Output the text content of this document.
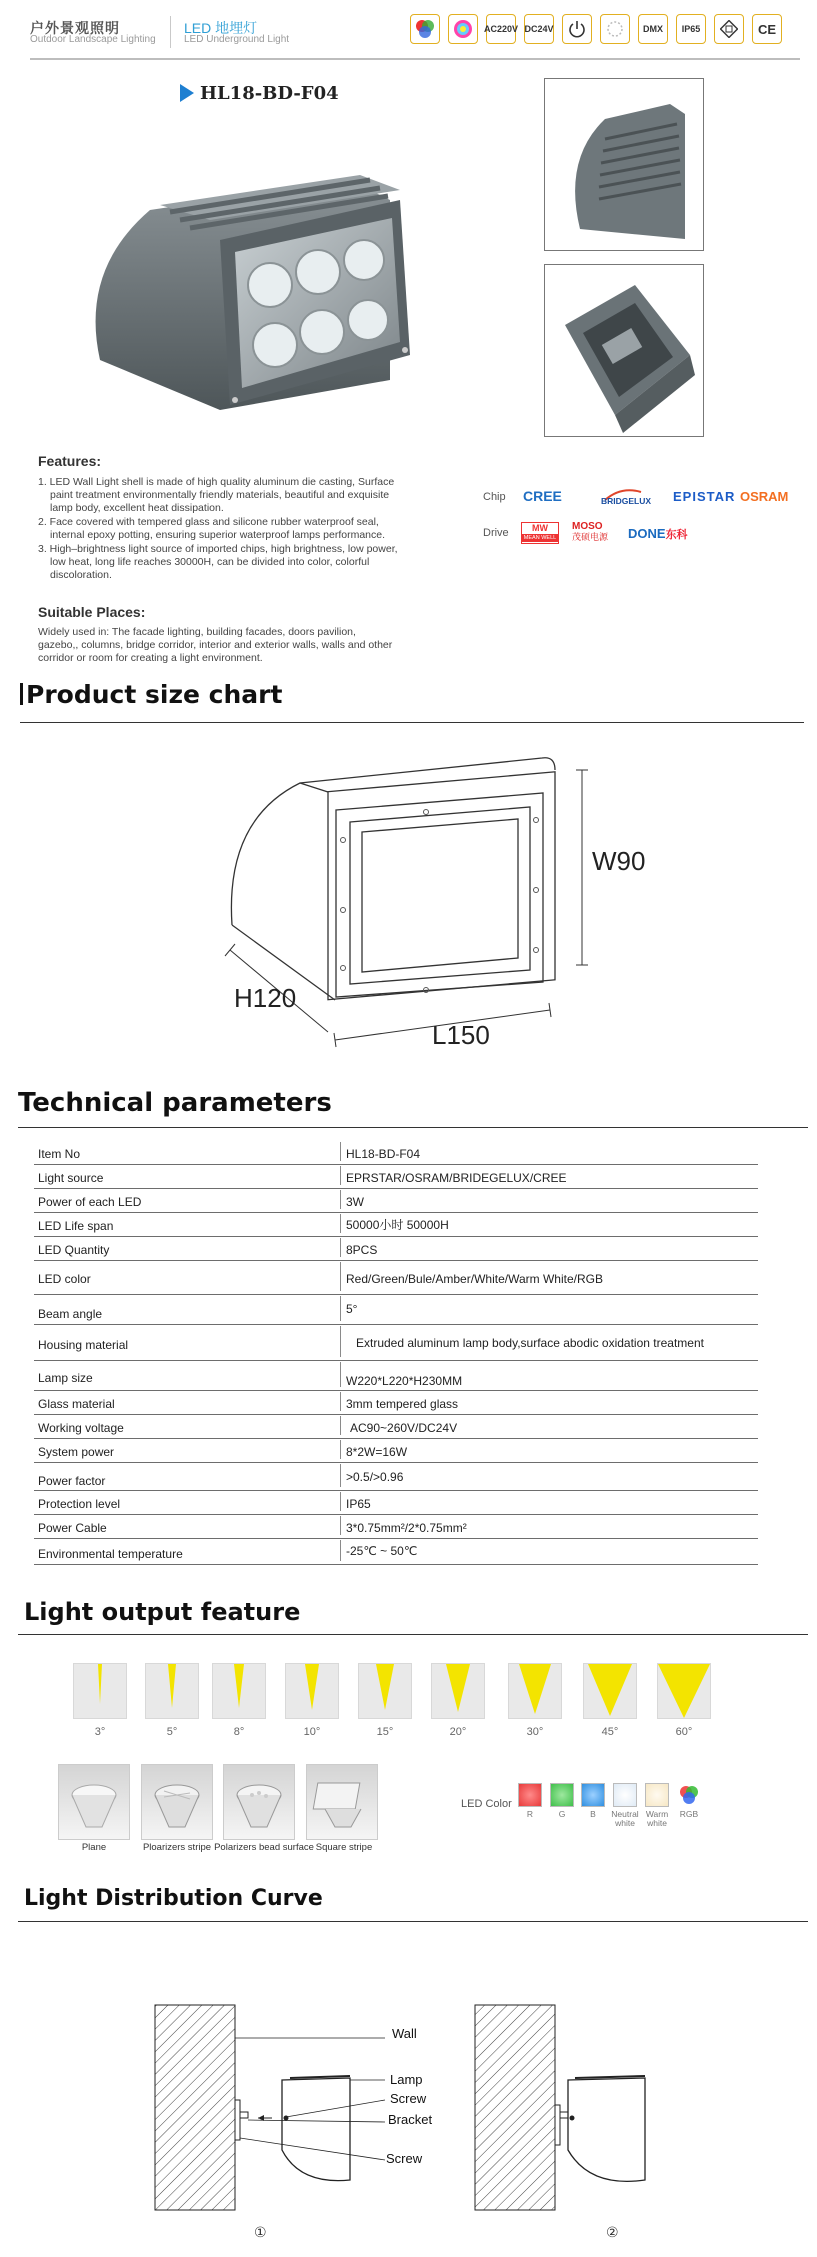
户外景观照明
Outdoor Landscape Lighting
LED 地埋灯
LED Underground Light
AC220V DC24V	DMX	IP65	CE
HL18-BD-F04
Features:

1. LED Wall Light shell is made of high quality aluminum die casting, Surface paint treatment environmentally friendly materials, beautiful and exquisite lamp body, excellent heat dissipation.

2. Face covered with tempered glass and silicone rubber waterproof seal, internal epoxy potting, ensuring superior waterproof lamps performance.

3. High–brightness light source of imported chips, high brightness, low power, low heat, long life reaches 30000H, can be divided into color, colorful discoloration.

Suitable Places:
Widely used in: The facade lighting, building facades, doors pavilion, gazebo,, columns, bridge corridor, interior and exterior walls, walls and other corridor or room for creating a light environment.
Chip CREE	BRIDGELUX EPISTAR OSRAM
Drive	MW
MEAN WELL
MOSO
茂硕电源 DONE东科
Product size chart
W90
H120
L150
Technical parameters
Item No	HL18-BD-F04
Light source	EPRSTAR/OSRAM/BRIDEGELUX/CREE
Power of each LED	3W
LED Life span	50000小时 50000H
LED Quantity	8PCS
LED color	Red/Green/Bule/Amber/White/Warm White/RGB
Beam angle	5°
Housing material	Extruded aluminum lamp body,surface abodic oxidation treatment
Lamp size	W220*L220*H230MM
Glass material	3mm tempered glass
Working voltage	AC90~260V/DC24V
System power	8*2W=16W
Power factor	>0.5/>0.96
Protection level	IP65
Power Cable	3*0.75mm²/2*0.75mm²
Environmental temperature	-25℃ ~ 50℃
Light output feature
3°	5°	8°	10°	15°	20°	30°	45°	60°
Plane	Ploarizers stripe Polarizers bead surface Square stripe
LED Color
R	G	B	Neutral white
Warm white
RGB
Light Distribution Curve
Wall
Lamp
Screw
Bracket
Screw
①	②
